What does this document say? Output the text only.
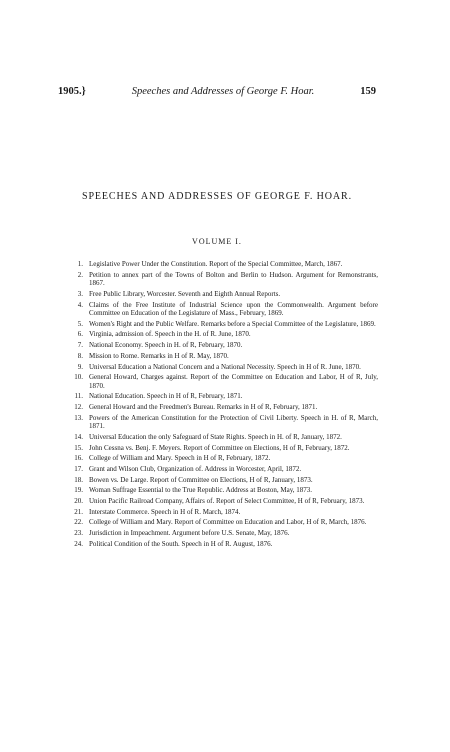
1905.}	Speeches and Addresses of George F. Hoar.	159
SPEECHES AND ADDRESSES OF GEORGE F. HOAR.
VOLUME I.
1. Legislative Power Under the Constitution. Report of the Special Committee, March, 1867.
2. Petition to annex part of the Towns of Bolton and Berlin to Hudson. Argument for Remonstrants, 1867.
3. Free Public Library, Worcester. Seventh and Eighth Annual Reports.
4. Claims of the Free Institute of Industrial Science upon the Commonwealth. Argument before Committee on Education of the Legislature of Mass., February, 1869.
5. Women's Right and the Public Welfare. Remarks before a Special Committee of the Legislature, 1869.
6. Virginia, admission of. Speech in the H. of R. June, 1870.
7. National Economy. Speech in H. of R, February, 1870.
8. Mission to Rome. Remarks in H of R. May, 1870.
9. Universal Education a National Concern and a National Necessity. Speech in H of R. June, 1870.
10. General Howard, Charges against. Report of the Committee on Education and Labor, H of R, July, 1870.
11. National Education. Speech in H of R, February, 1871.
12. General Howard and the Freedmen's Bureau. Remarks in H of R, February, 1871.
13. Powers of the American Constitution for the Protection of Civil Liberty. Speech in H. of R, March, 1871.
14. Universal Education the only Safeguard of State Rights. Speech in H. of R, January, 1872.
15. John Cessna vs. Benj. F. Meyers. Report of Committee on Elections, H of R, February, 1872.
16. College of William and Mary. Speech in H of R, February, 1872.
17. Grant and Wilson Club, Organization of. Address in Worcester, April, 1872.
18. Bowen vs. De Large. Report of Committee on Elections, H of R, January, 1873.
19. Woman Suffrage Essential to the True Republic. Address at Boston, May, 1873.
20. Union Pacific Railroad Company, Affairs of. Report of Select Committee, H of R, February, 1873.
21. Interstate Commerce. Speech in H of R. March, 1874.
22. College of William and Mary. Report of Committee on Education and Labor, H of R, March, 1876.
23. Jurisdiction in Impeachment. Argument before U.S. Senate, May, 1876.
24. Political Condition of the South. Speech in H of R. August, 1876.
